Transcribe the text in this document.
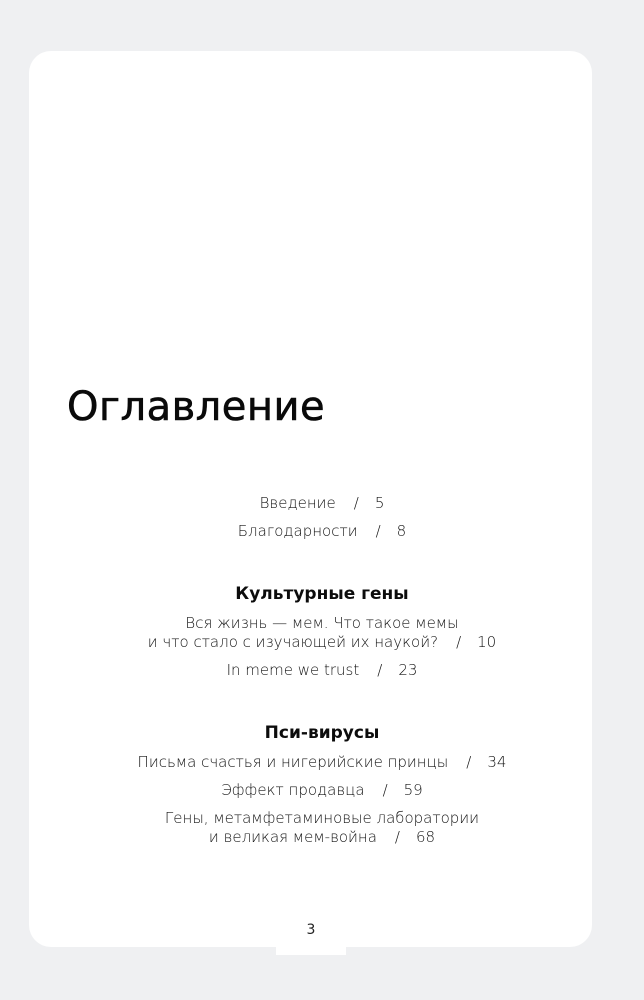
3
Оглавление
Введение / 5
Благодарности / 8
Культурные гены
Вся жизнь — мем. Что такое мемы
и что стало с изучающей их наукой? / 10
In meme we trust / 23
Пси-вирусы
Письма счастья и нигерийские принцы / 34
Эффект продавца / 59
Гены, метамфетаминовые лаборатории
и великая мем-война / 68
